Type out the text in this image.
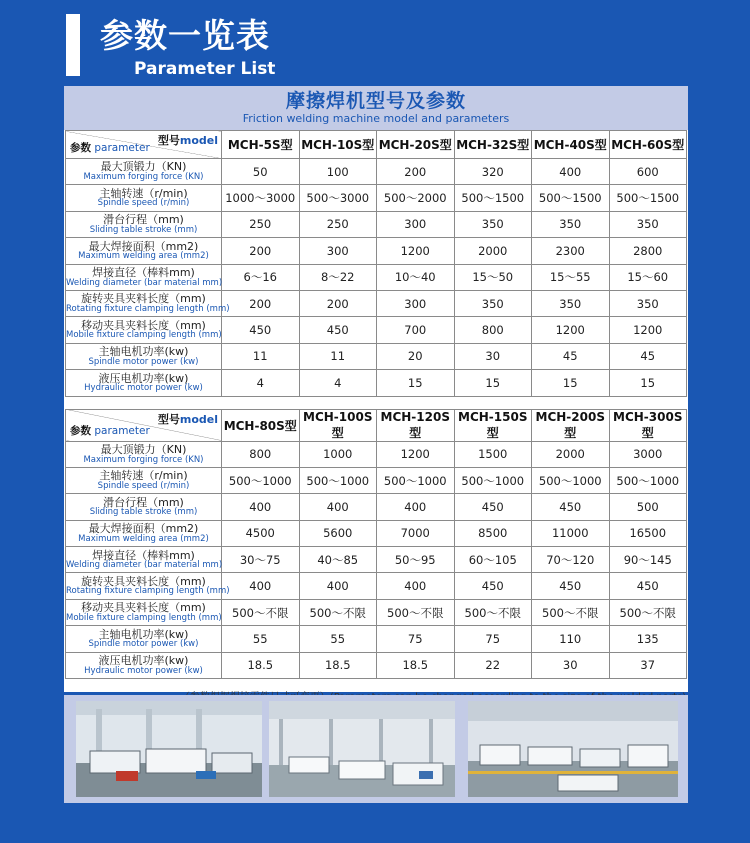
参数一览表
Parameter List
摩擦焊机型号及参数
Friction welding machine model and parameters
型号model
参数 parameter	MCH-5S型	MCH-10S型	MCH-20S型	MCH-32S型	MCH-40S型	MCH-60S型

最大顶锻力（KN)
Maximum forging force (KN)	50	100	200	320	400	600

主轴转速（r/min)
Spindle speed (r/min)	1000～3000	500～3000	500～2000	500～1500	500～1500	500～1500

滑台行程（mm)
Sliding table stroke (mm)	250	250	300	350	350	350

最大焊接面积（mm2)
Maximum welding area (mm2)	200	300	1200	2000	2300	2800

焊接直径（棒料mm)
Welding diameter (bar material mm)	6～16	8～22	10～40	15～50	15～55	15～60

旋转夹具夹料长度（mm)
Rotating fixture clamping length (mm)	200	200	300	350	350	350

移动夹具夹料长度（mm)
Mobile fixture clamping length (mm)	450	450	700	800	1200	1200

主轴电机功率(kw)
Spindle motor power (kw)	11	11	20	30	45	45

液压电机功率(kw)
Hydraulic motor power (kw)	4	4	15	15	15	15
型号model
参数 parameter	MCH-80S型	MCH-100S型	MCH-120S型	MCH-150S型	MCH-200S型	MCH-300S型

最大顶锻力（KN)
Maximum forging force (KN)	800	1000	1200	1500	2000	3000

主轴转速（r/min)
Spindle speed (r/min)	500～1000	500～1000	500～1000	500～1000	500～1000	500～1000

滑台行程（mm)
Sliding table stroke (mm)	400	400	400	450	450	500

最大焊接面积（mm2)
Maximum welding area (mm2)	4500	5600	7000	8500	11000	16500

焊接直径（棒料mm)
Welding diameter (bar material mm)	30～75	40～85	50～95	60～105	70～120	90～145

旋转夹具夹料长度（mm)
Rotating fixture clamping length (mm)	400	400	400	450	450	450

移动夹具夹料长度（mm)
Mobile fixture clamping length (mm)	500～不限	500～不限	500～不限	500～不限	500～不限	500～不限

主轴电机功率(kw)
Spindle motor power (kw)	55	55	75	75	110	135

液压电机功率(kw)
Hydraulic motor power (kw)	18.5	18.5	18.5	22	30	37
